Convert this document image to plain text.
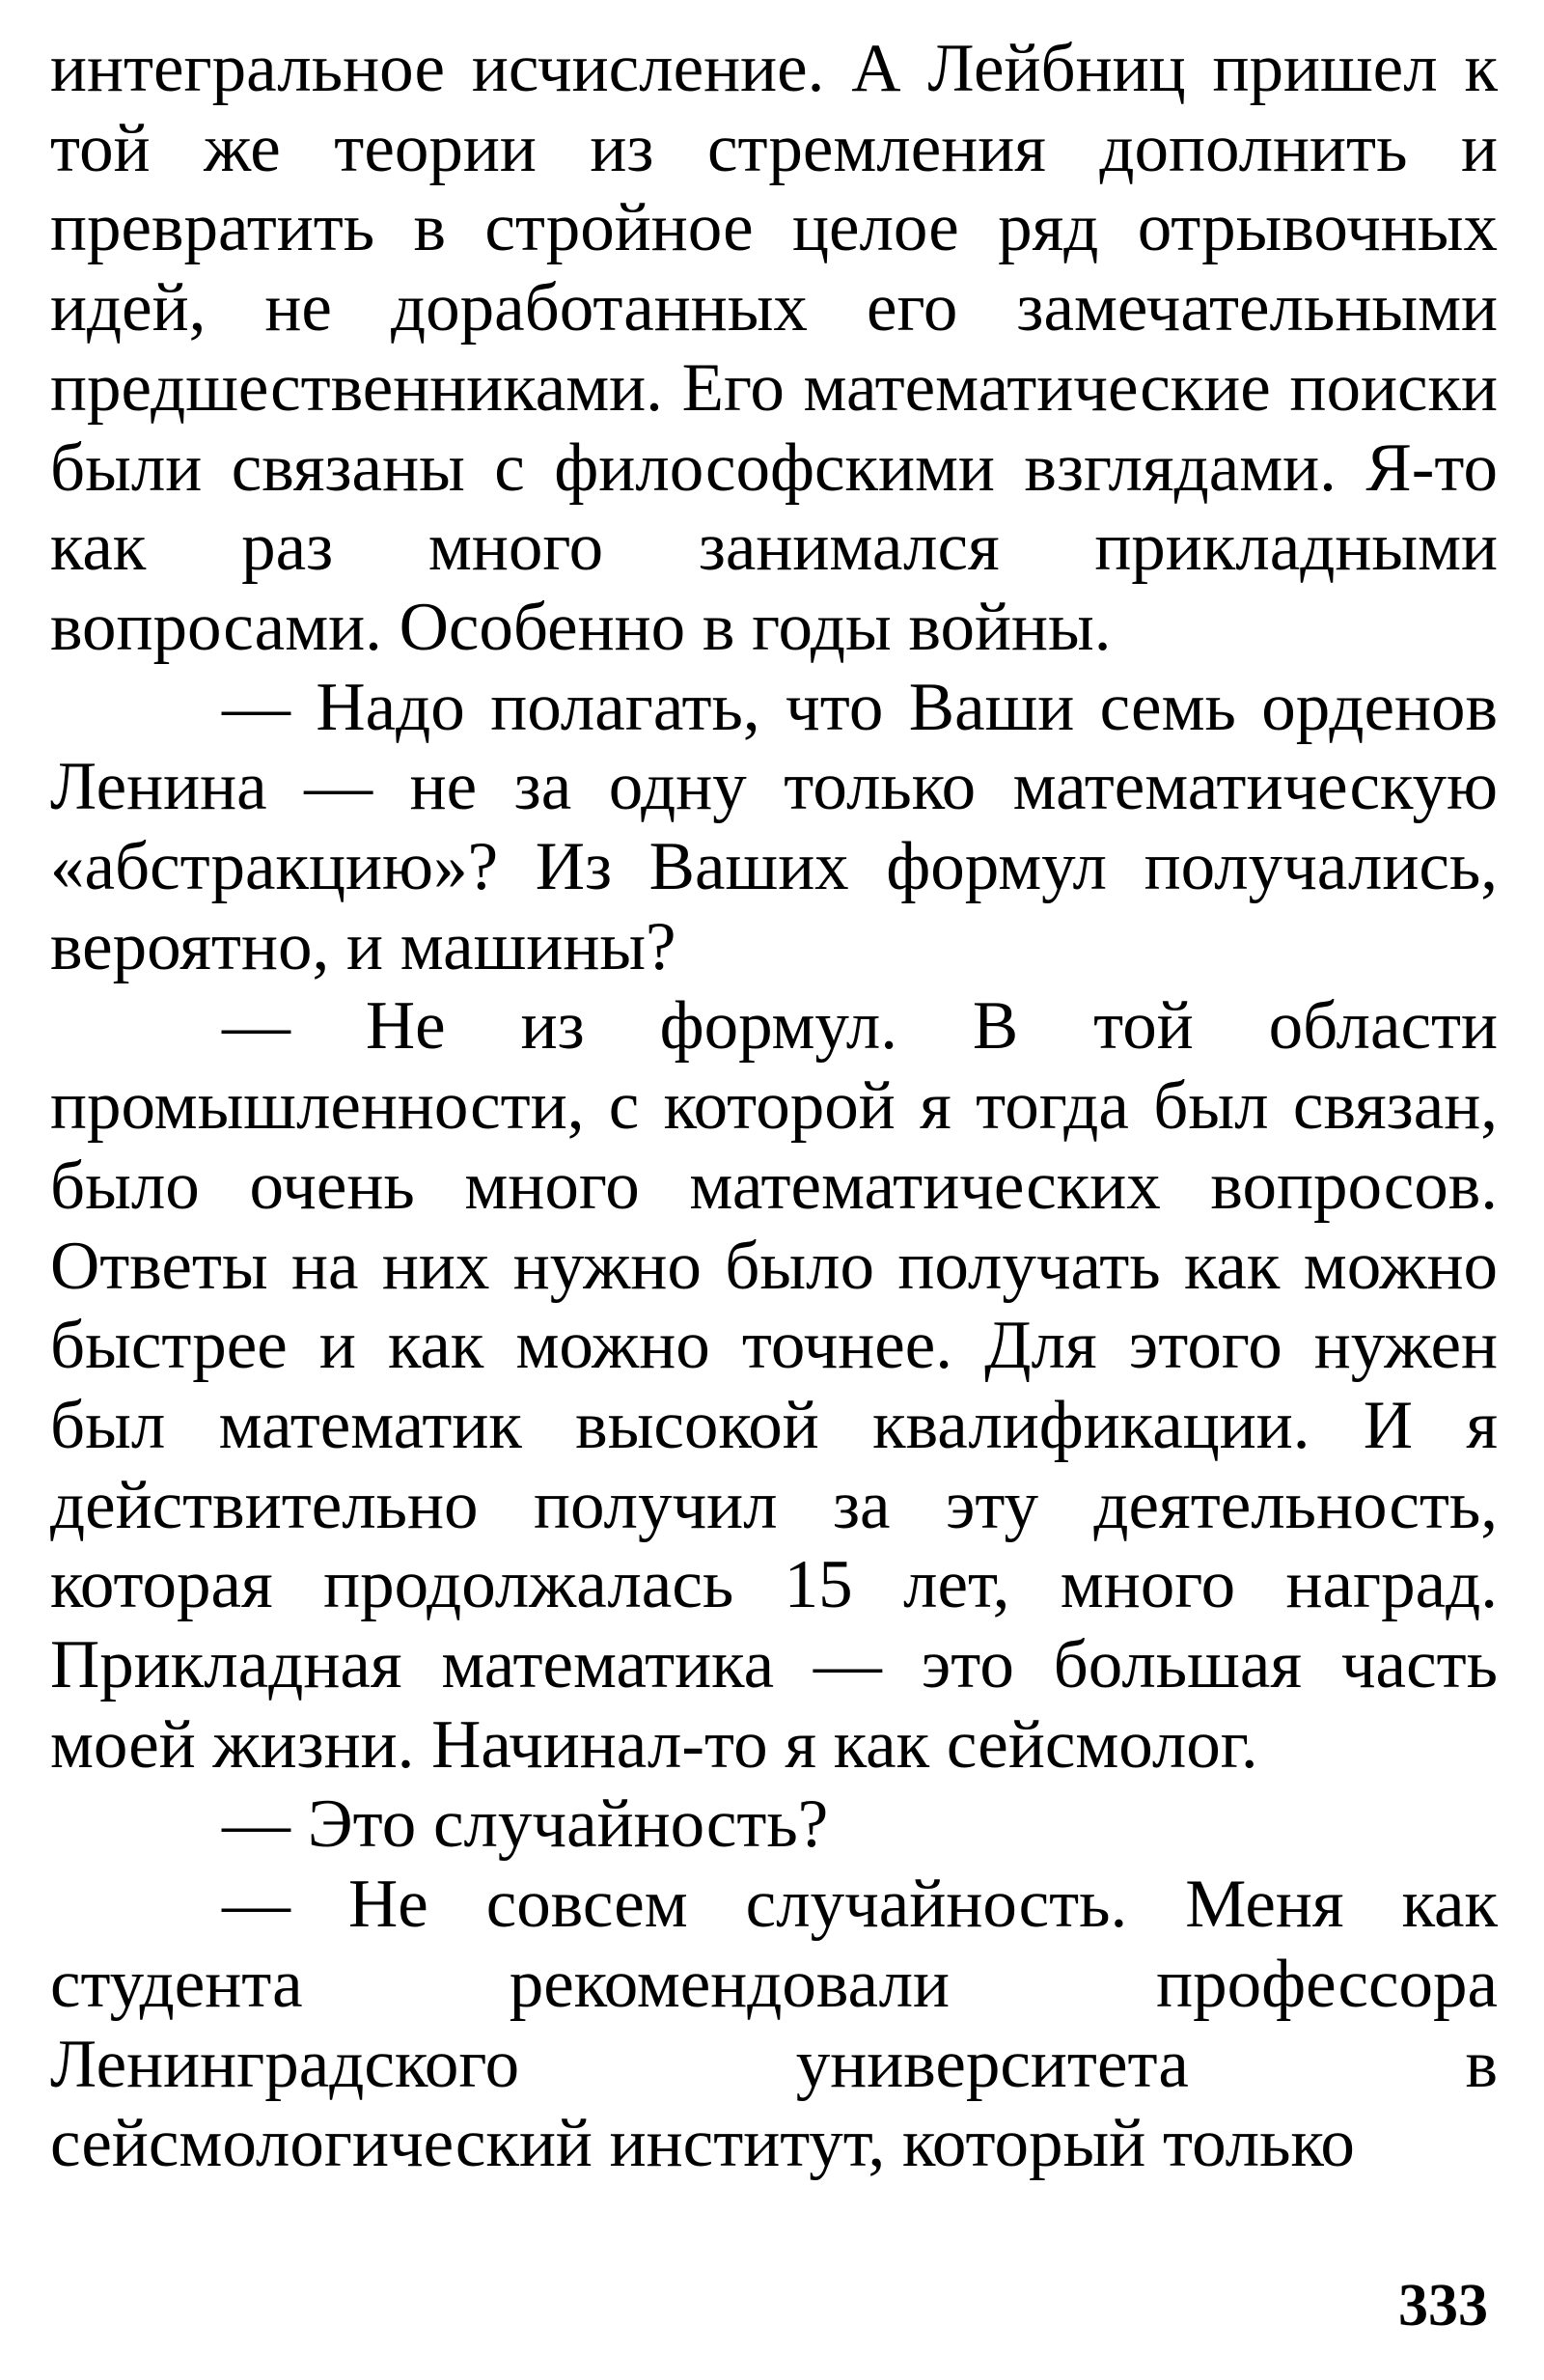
интегральное исчисление. А Лейбниц пришел к той же теории из стремления дополнить и превратить в стройное целое ряд отрывочных идей, не доработанных его замечательными предшественниками. Его математические поиски были связаны с философскими взглядами. Я-то как раз много занимался прикладными вопросами. Особенно в годы войны.

— Надо полагать, что Ваши семь орденов Ленина — не за одну только математическую «абстракцию»? Из Ваших формул получались, вероятно, и машины?

— Не из формул. В той области промышленности, с которой я тогда был связан, было очень много математических вопросов. Ответы на них нужно было получать как можно быстрее и как можно точнее. Для этого нужен был математик высокой квалификации. И я действительно получил за эту деятельность, которая продолжалась 15 лет, много наград. Прикладная математика — это большая часть моей жизни. Начинал-то я как сейсмолог.

— Это случайность?

— Не совсем случайность. Меня как студента рекомендовали профессора Ленинградского университета в сейсмологический институт, который только

333
